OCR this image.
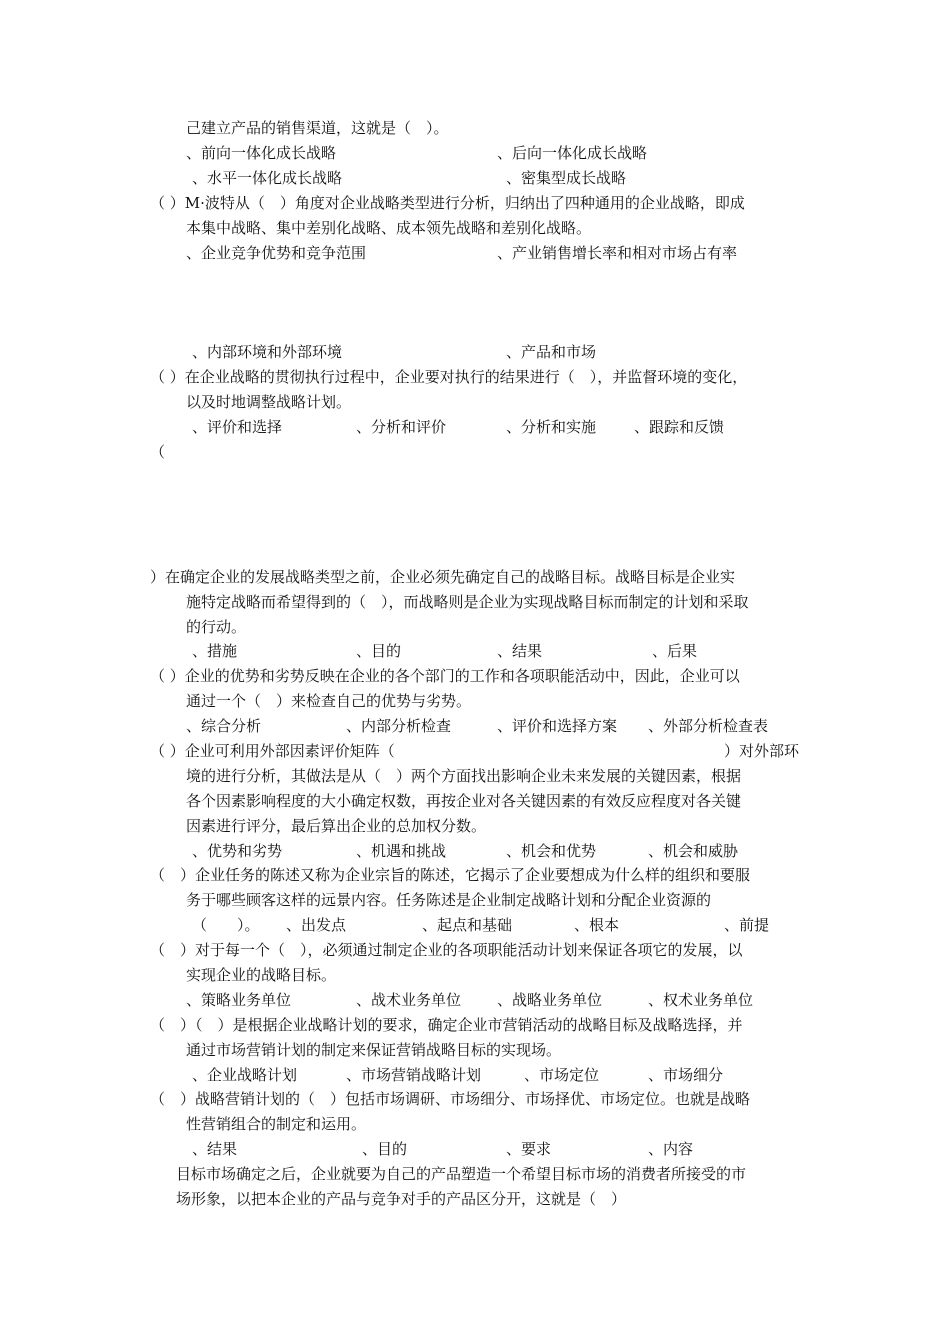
己建立产品的销售渠道，这就是（　）。
、前向一体化成长战略	、后向一体化成长战略
、水平一体化成长战略	、密集型成长战略
（ ）M·波特从（　）角度对企业战略类型进行分析，归纳出了四种通用的企业战略，即成
本集中战略、集中差别化战略、成本领先战略和差别化战略。
、企业竞争优势和竞争范围	、产业销售增长率和相对市场占有率
、内部环境和外部环境	、产品和市场
（ ）在企业战略的贯彻执行过程中，企业要对执行的结果进行（　），并监督环境的变化，
以及时地调整战略计划。
、评价和选择	、分析和评价	、分析和实施	、跟踪和反馈
（
）在确定企业的发展战略类型之前，企业必须先确定自己的战略目标。战略目标是企业实
施特定战略而希望得到的（　），而战略则是企业为实现战略目标而制定的计划和采取
的行动。
、措施	、目的	、结果	、后果
（ ）企业的优势和劣势反映在企业的各个部门的工作和各项职能活动中，因此，企业可以
通过一个（　）来检查自己的优势与劣势。
、综合分析	、内部分析检查	、评价和选择方案 、外部分析检查表
（ ）企业可利用外部因素评价矩阵（	）对外部环
境的进行分析，其做法是从（　）两个方面找出影响企业未来发展的关键因素，根据
各个因素影响程度的大小确定权数，再按企业对各关键因素的有效反应程度对各关键
因素进行评分，最后算出企业的总加权分数。
、优势和劣势	、机遇和挑战	、机会和优势	、机会和威胁
（　）企业任务的陈述又称为企业宗旨的陈述，它揭示了企业要想成为什么样的组织和要服
务于哪些顾客这样的远景内容。任务陈述是企业制定战略计划和分配企业资源的
（　　）。 、出发点	、起点和基础	、根本	、前提
（　）对于每一个（　），必须通过制定企业的各项职能活动计划来保证各项它的发展，以
实现企业的战略目标。
、策略业务单位	、战术业务单位 、战略业务单位	、权术业务单位
（　）（　）是根据企业战略计划的要求，确定企业市营销活动的战略目标及战略选择，并
通过市场营销计划的制定来保证营销战略目标的实现场。
、企业战略计划	、市场营销战略计划	、市场定位	、市场细分
（　）战略营销计划的（　）包括市场调研、市场细分、市场择优、市场定位。也就是战略
性营销组合的制定和运用。
、结果	、目的	、要求	、内容
目标市场确定之后，企业就要为自己的产品塑造一个希望目标市场的消费者所接受的市
场形象，以把本企业的产品与竞争对手的产品区分开，这就是（　）
